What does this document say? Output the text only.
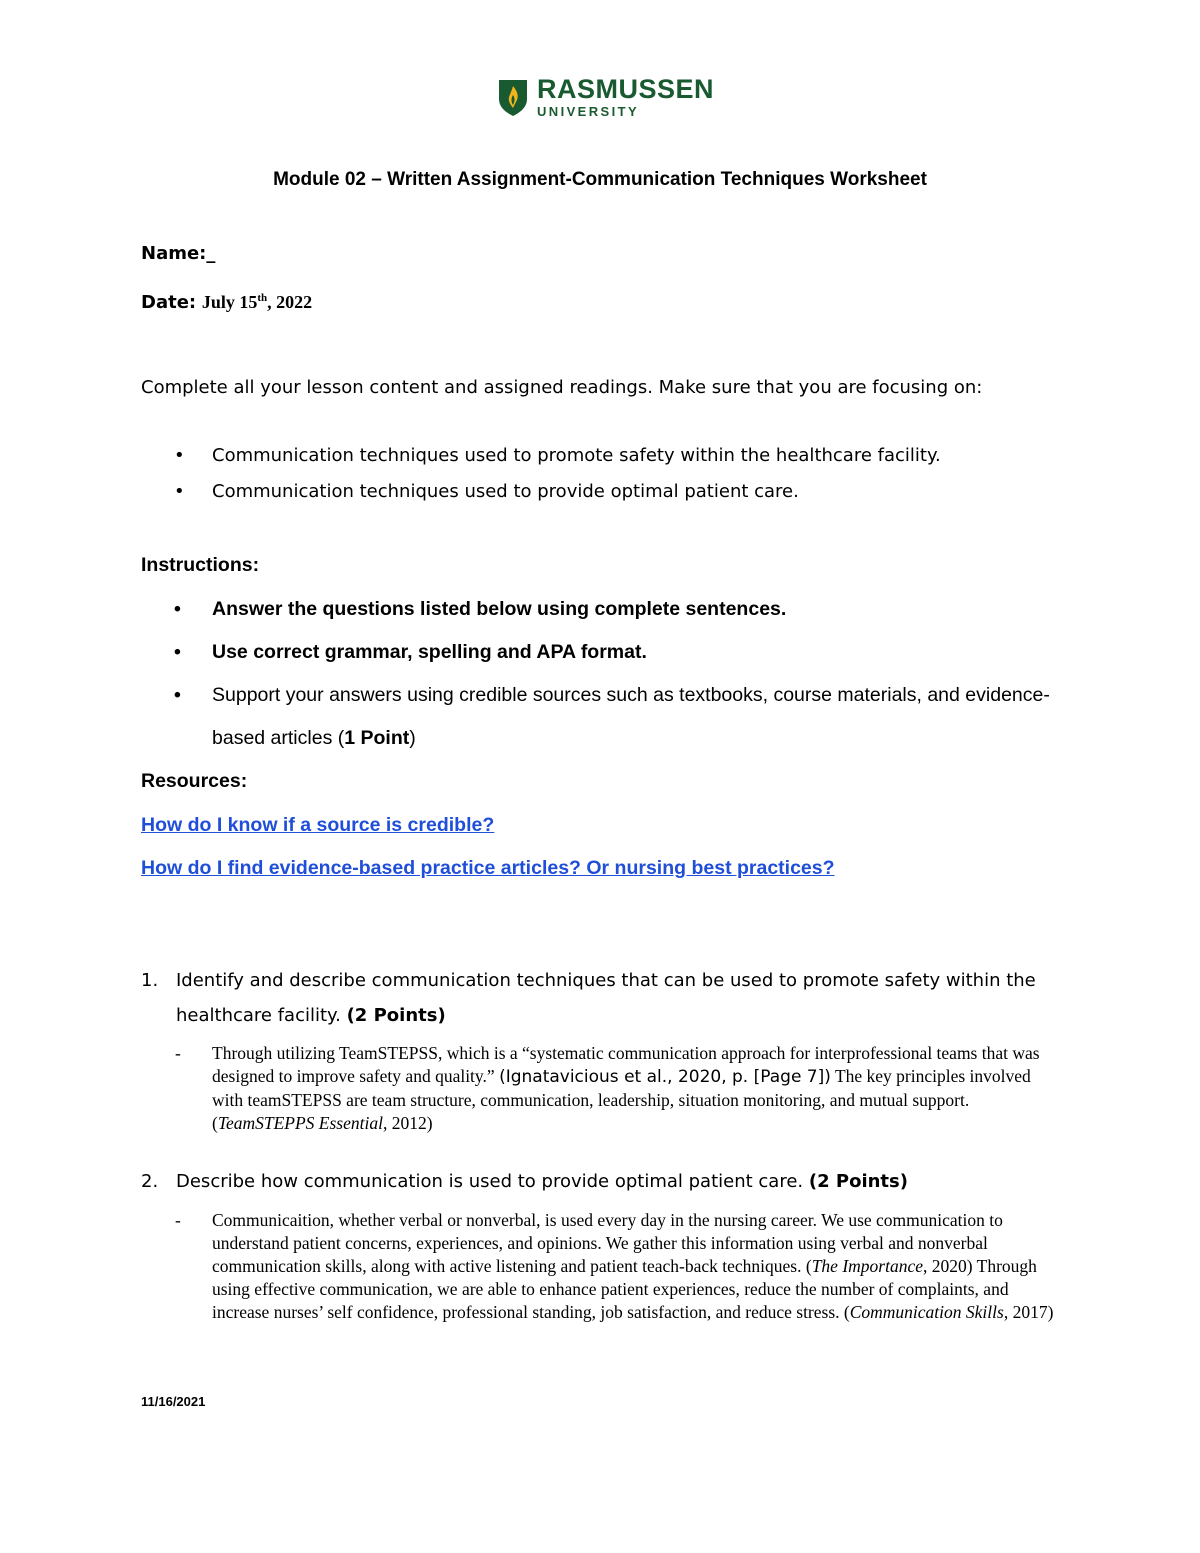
RASMUSSEN
UNIVERSITY
Module 02 – Written Assignment-Communication Techniques Worksheet
Name:_
Date: July 15th, 2022
Complete all your lesson content and assigned readings. Make sure that you are focusing on:
• Communication techniques used to promote safety within the healthcare facility.
• Communication techniques used to provide optimal patient care.
Instructions:
• Answer the questions listed below using complete sentences.
• Use correct grammar, spelling and APA format.
• Support your answers using credible sources such as textbooks, course materials, and evidence-based articles (1 Point)
Resources:
How do I know if a source is credible?
How do I find evidence-based practice articles? Or nursing best practices?
1. Identify and describe communication techniques that can be used to promote safety within the healthcare facility. (2 Points)
- Through utilizing TeamSTEPSS, which is a “systematic communication approach for interprofessional teams that was designed to improve safety and quality.” (Ignatavicious et al., 2020, p. [Page 7]) The key principles involved with teamSTEPSS are team structure, communication, leadership, situation monitoring, and mutual support. (TeamSTEPPS Essential, 2012)
2. Describe how communication is used to provide optimal patient care. (2 Points)
- Communicaition, whether verbal or nonverbal, is used every day in the nursing career. We use communication to understand patient concerns, experiences, and opinions. We gather this information using verbal and nonverbal communication skills, along with active listening and patient teach-back techniques. (The Importance, 2020) Through using effective communication, we are able to enhance patient experiences, reduce the number of complaints, and increase nurses’ self confidence, professional standing, job satisfaction, and reduce stress. (Communication Skills, 2017)
11/16/2021
